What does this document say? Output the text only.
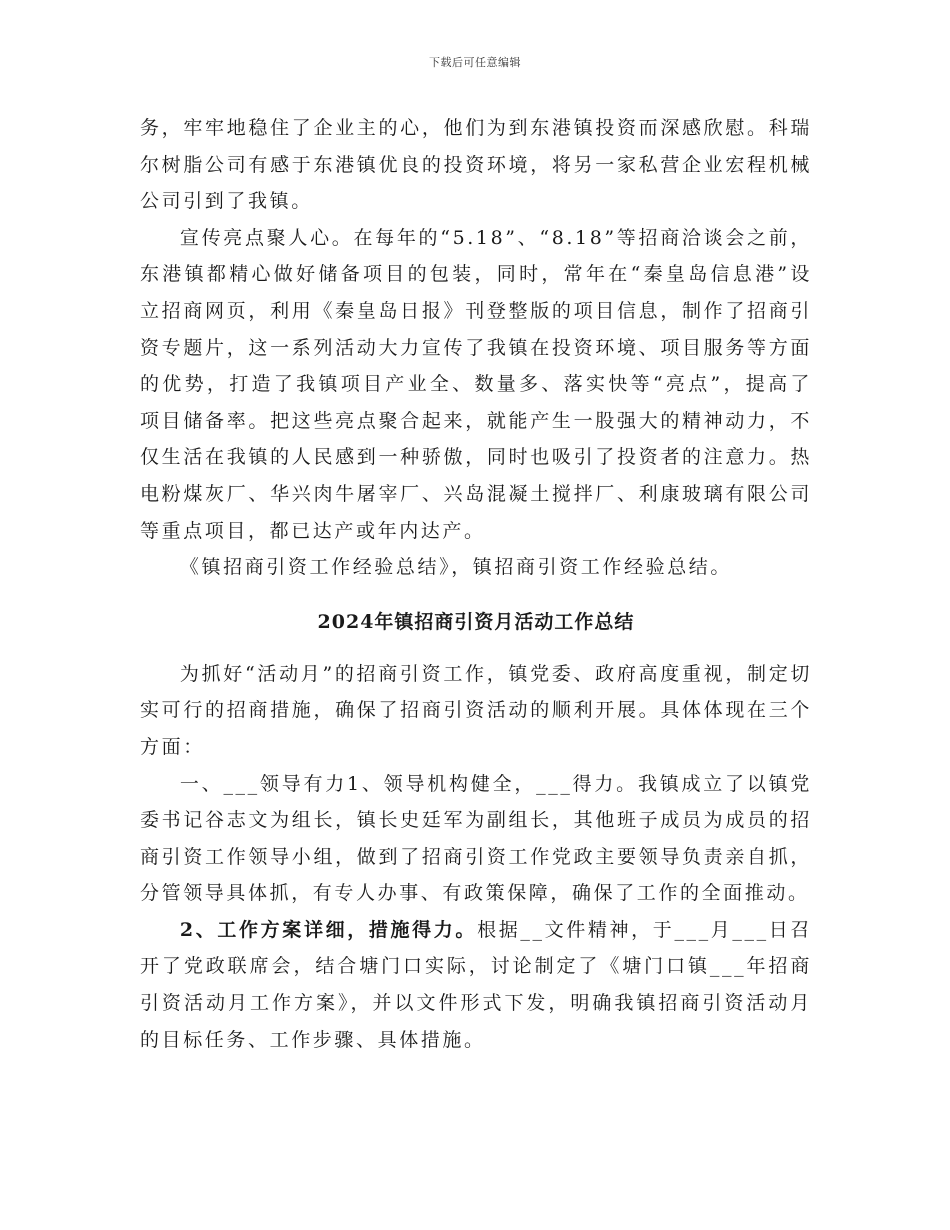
下载后可任意编辑

务，牢牢地稳住了企业主的心，他们为到东港镇投资而深感欣慰。科瑞尔树脂公司有感于东港镇优良的投资环境，将另一家私营企业宏程机械公司引到了我镇。

宣传亮点聚人心。在每年的“5.18”、“8.18”等招商洽谈会之前，东港镇都精心做好储备项目的包装，同时，常年在“秦皇岛信息港”设立招商网页，利用《秦皇岛日报》刊登整版的项目信息，制作了招商引资专题片，这一系列活动大力宣传了我镇在投资环境、项目服务等方面的优势，打造了我镇项目产业全、数量多、落实快等“亮点”，提高了项目储备率。把这些亮点聚合起来，就能产生一股强大的精神动力，不仅生活在我镇的人民感到一种骄傲，同时也吸引了投资者的注意力。热电粉煤灰厂、华兴肉牛屠宰厂、兴岛混凝土搅拌厂、利康玻璃有限公司等重点项目，都已达产或年内达产。

《镇招商引资工作经验总结》，镇招商引资工作经验总结。

2024年镇招商引资月活动工作总结

为抓好“活动月”的招商引资工作，镇党委、政府高度重视，制定切实可行的招商措施，确保了招商引资活动的顺利开展。具体体现在三个方面：

一、___领导有力1、领导机构健全，___得力。我镇成立了以镇党委书记谷志文为组长，镇长史廷军为副组长，其他班子成员为成员的招商引资工作领导小组，做到了招商引资工作党政主要领导负责亲自抓，分管领导具体抓，有专人办事、有政策保障，确保了工作的全面推动。

2、工作方案详细，措施得力。根据__文件精神，于___月___日召开了党政联席会，结合塘门口实际，讨论制定了《塘门口镇___年招商引资活动月工作方案》，并以文件形式下发，明确我镇招商引资活动月的目标任务、工作步骤、具体措施。
